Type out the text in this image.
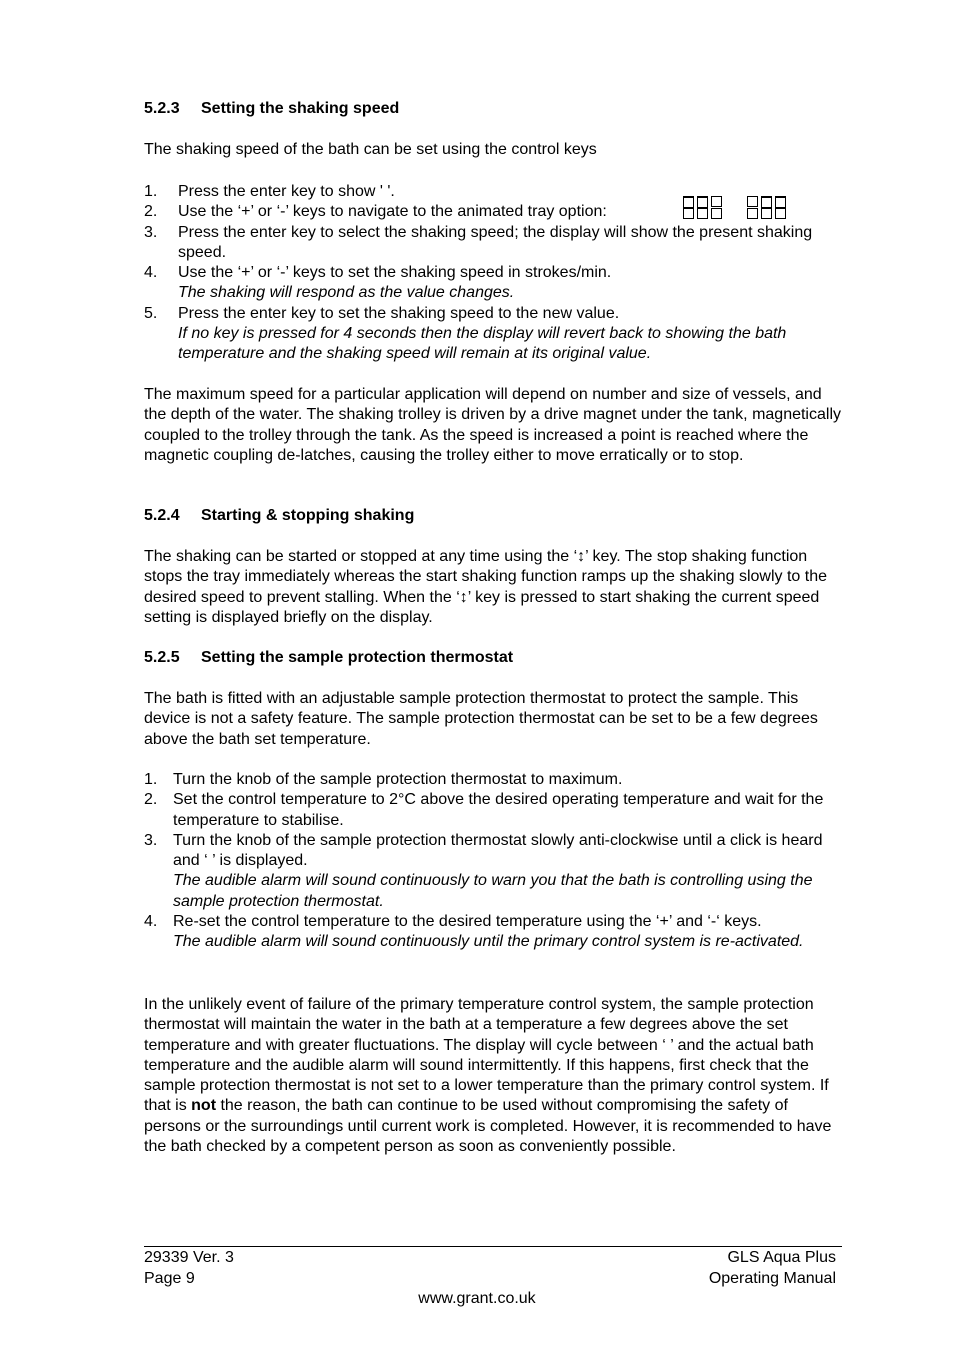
5.2.3 Setting the shaking speed
The shaking speed of the bath can be set using the control keys
1. Press the enter key to show ' '.
2. Use the ‘+’ or ‘-’ keys to navigate to the animated tray option:
3. Press the enter key to select the shaking speed; the display will show the present shaking speed.
4. Use the ‘+’ or ‘-’ keys to set the shaking speed in strokes/min.
The shaking will respond as the value changes.
5. Press the enter key to set the shaking speed to the new value.
If no key is pressed for 4 seconds then the display will revert back to showing the bath temperature and the shaking speed will remain at its original value.
The maximum speed for a particular application will depend on number and size of vessels, and the depth of the water. The shaking trolley is driven by a drive magnet under the tank, magnetically coupled to the trolley through the tank. As the speed is increased a point is reached where the magnetic coupling de-latches, causing the trolley either to move erratically or to stop.
5.2.4 Starting & stopping shaking
The shaking can be started or stopped at any time using the ‘↕’ key. The stop shaking function stops the tray immediately whereas the start shaking function ramps up the shaking slowly to the desired speed to prevent stalling. When the ‘↕’ key is pressed to start shaking the current speed setting is displayed briefly on the display.
5.2.5 Setting the sample protection thermostat
The bath is fitted with an adjustable sample protection thermostat to protect the sample. This device is not a safety feature. The sample protection thermostat can be set to be a few degrees above the bath set temperature.
1. Turn the knob of the sample protection thermostat to maximum.
2. Set the control temperature to 2°C above the desired operating temperature and wait for the temperature to stabilise.
3. Turn the knob of the sample protection thermostat slowly anti-clockwise until a click is heard and ‘ ’ is displayed.
The audible alarm will sound continuously to warn you that the bath is controlling using the sample protection thermostat.
4. Re-set the control temperature to the desired temperature using the ‘+’ and ‘-‘ keys.
The audible alarm will sound continuously until the primary control system is re-activated.
In the unlikely event of failure of the primary temperature control system, the sample protection thermostat will maintain the water in the bath at a temperature a few degrees above the set temperature and with greater fluctuations. The display will cycle between ‘ ’ and the actual bath temperature and the audible alarm will sound intermittently. If this happens, first check that the sample protection thermostat is not set to a lower temperature than the primary control system. If that is not the reason, the bath can continue to be used without compromising the safety of persons or the surroundings until current work is completed. However, it is recommended to have the bath checked by a competent person as soon as conveniently possible.
29339 Ver. 3
Page 9
GLS Aqua Plus
Operating Manual
www.grant.co.uk
